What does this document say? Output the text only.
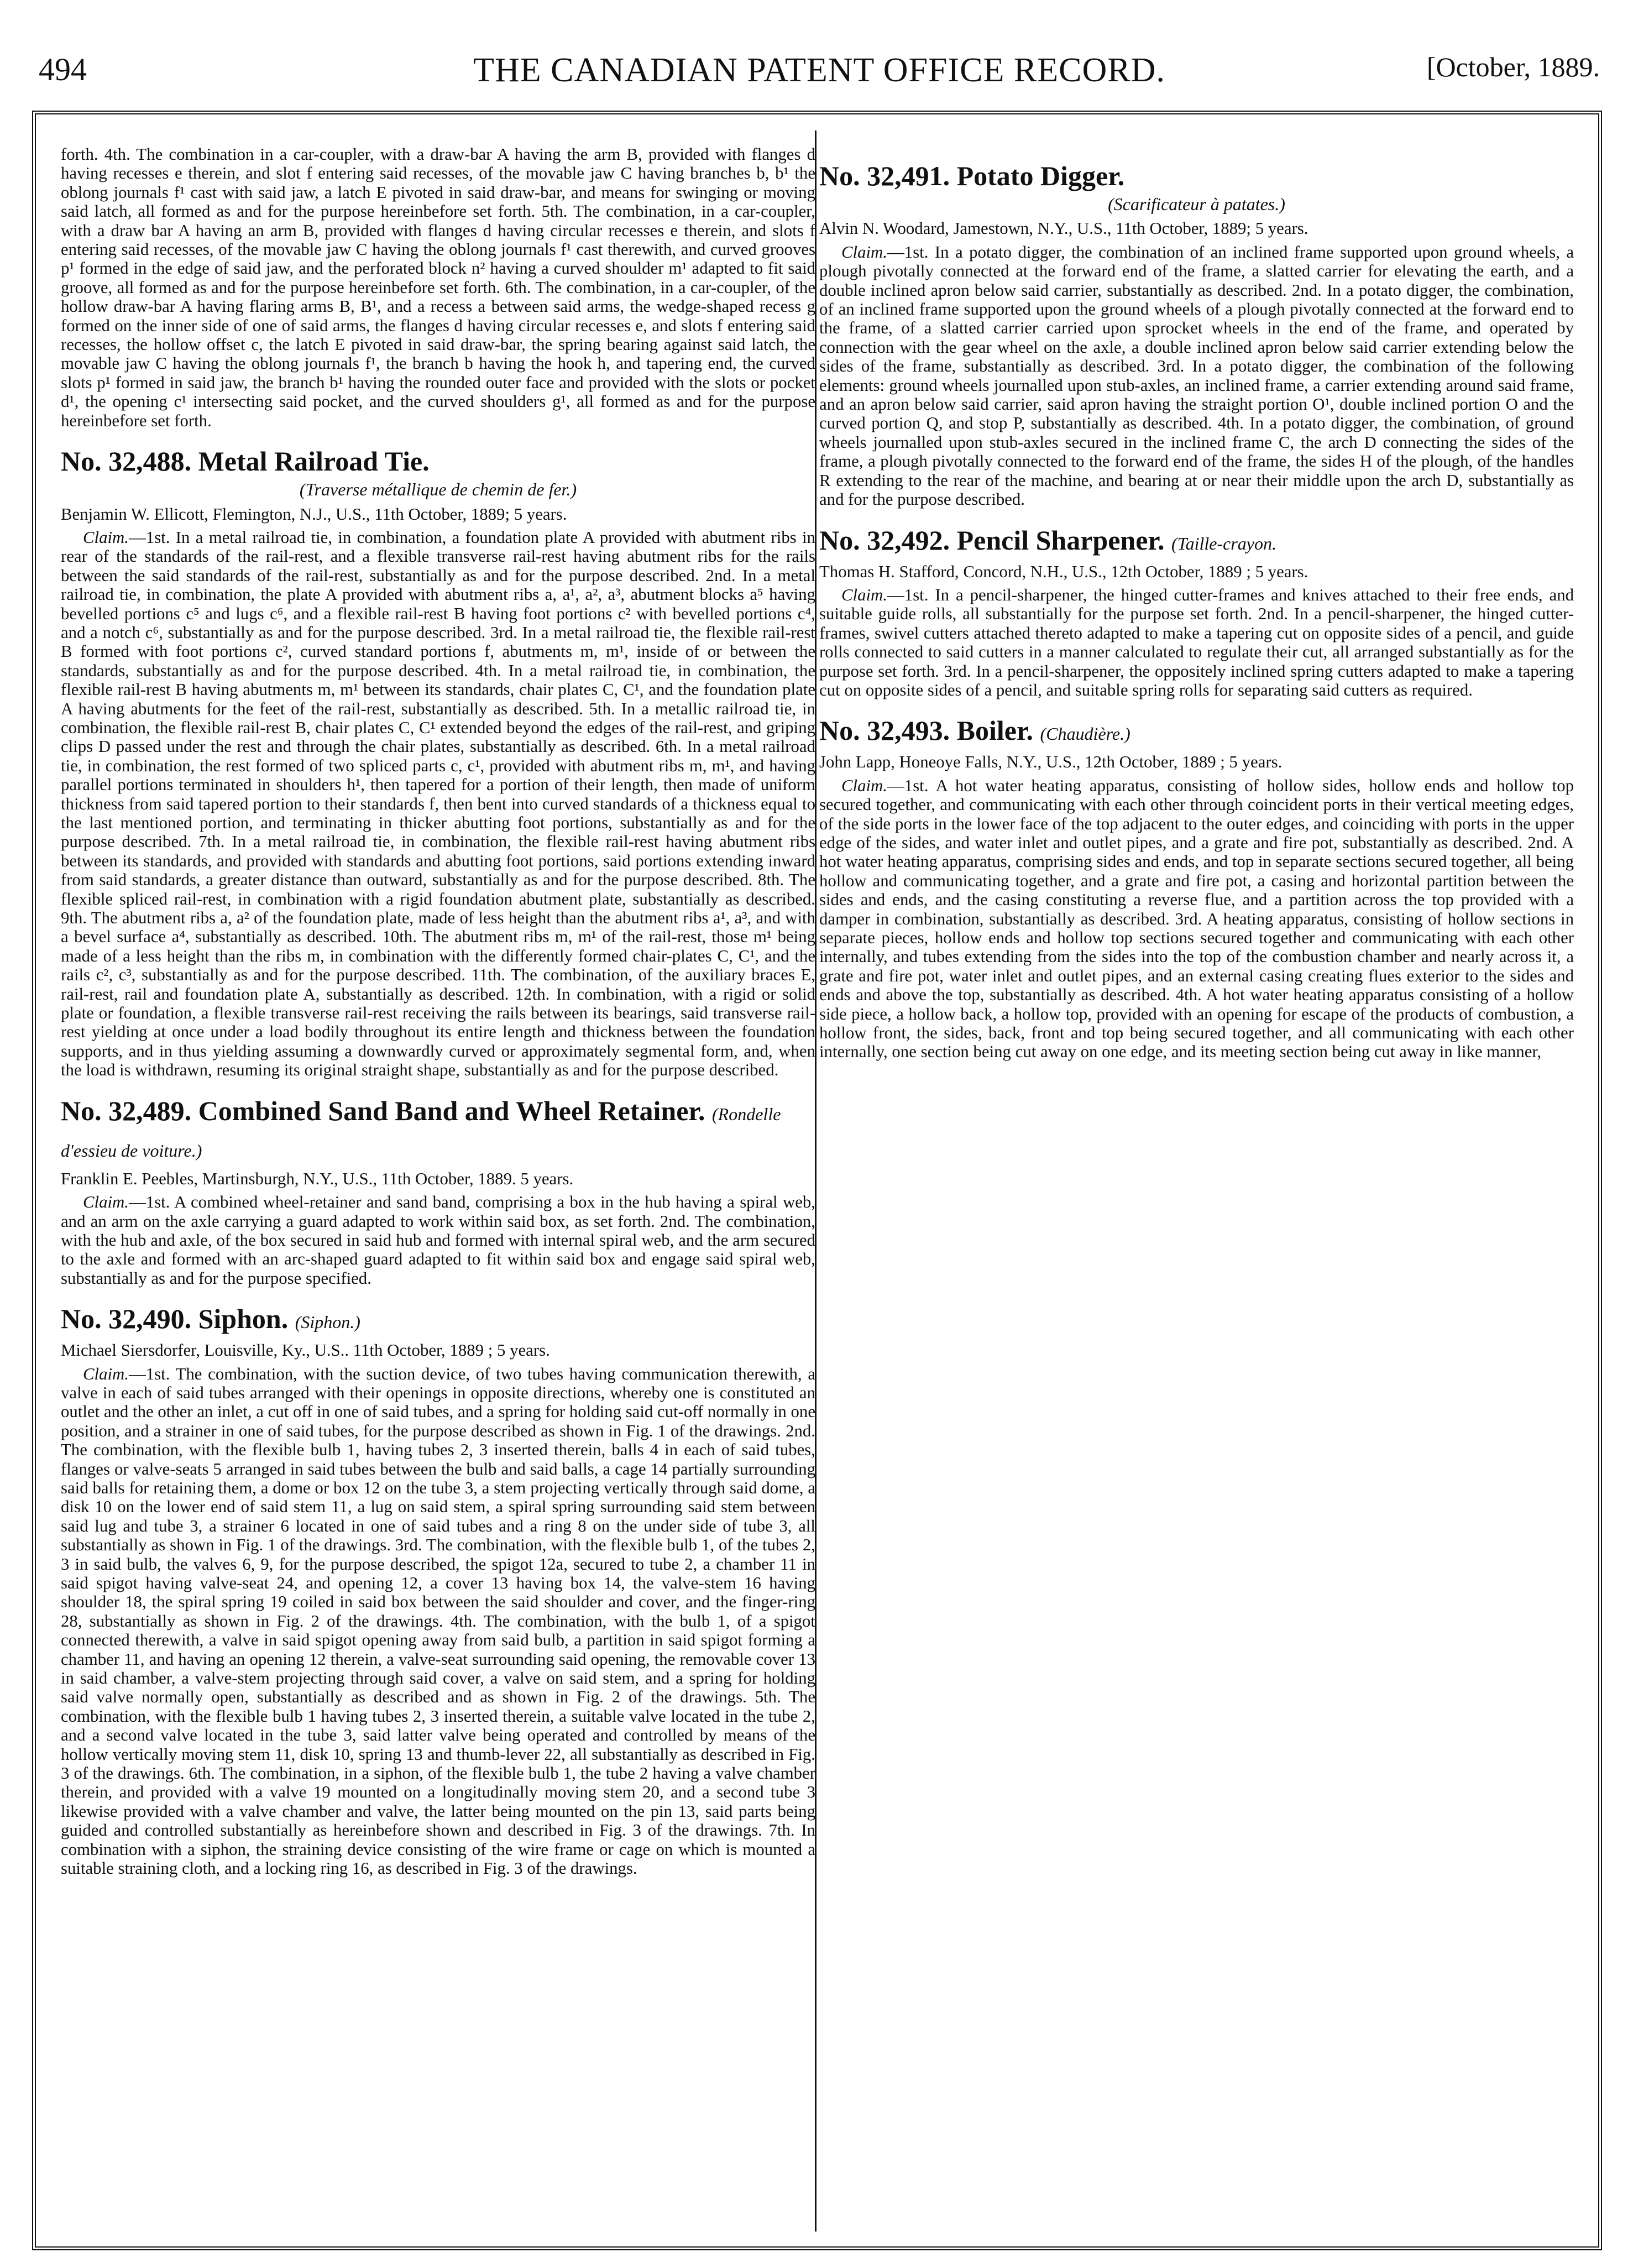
494	THE CANADIAN PATENT OFFICE RECORD.	[October, 1889.

forth. 4th. The combination in a car-coupler, with a draw-bar A having the arm B, provided with flanges d having recesses e therein, and slot f entering said recesses, of the movable jaw C having branches b, b¹ the oblong journals f¹ cast with said jaw, a latch E pivoted in said draw-bar, and means for swinging or moving said latch, all formed as and for the purpose hereinbefore set forth. 5th. The combination, in a car-coupler, with a draw bar A having an arm B, provided with flanges d having circular recesses e therein, and slots f entering said recesses, of the movable jaw C having the oblong journals f¹ cast therewith, and curved grooves p¹ formed in the edge of said jaw, and the perforated block n² having a curved shoulder m¹ adapted to fit said groove, all formed as and for the purpose hereinbefore set forth. 6th. The combination, in a car-coupler, of the hollow draw-bar A having flaring arms B, B¹, and a recess a between said arms, the wedge-shaped recess g formed on the inner side of one of said arms, the flanges d having circular recesses e, and slots f entering said recesses, the hollow offset c, the latch E pivoted in said draw-bar, the spring bearing against said latch, the movable jaw C having the oblong journals f¹, the branch b having the hook h, and tapering end, the curved slots p¹ formed in said jaw, the branch b¹ having the rounded outer face and provided with the slots or pocket d¹, the opening c¹ intersecting said pocket, and the curved shoulders g¹, all formed as and for the purpose hereinbefore set forth.

No. 32,488. Metal Railroad Tie.
(Traverse métallique de chemin de fer.)
Benjamin W. Ellicott, Flemington, N.J., U.S., 11th October, 1889; 5 years.

Claim.—1st. In a metal railroad tie, in combination, a foundation plate A provided with abutment ribs in rear of the standards of the rail-rest, and a flexible transverse rail-rest having abutment ribs for the rails between the said standards of the rail-rest, substantially as and for the purpose described. 2nd. In a metal railroad tie, in combination, the plate A provided with abutment ribs a, a¹, a², a³, abutment blocks a⁵ having bevelled portions c⁵ and lugs c⁶, and a flexible rail-rest B having foot portions c² with bevelled portions c⁴, and a notch c⁶, substantially as and for the purpose described. 3rd. In a metal railroad tie, the flexible rail-rest B formed with foot portions c², curved standard portions f, abutments m, m¹, inside of or between the standards, substantially as and for the purpose described. 4th. In a metal railroad tie, in combination, the flexible rail-rest B having abutments m, m¹ between its standards, chair plates C, C¹, and the foundation plate A having abutments for the feet of the rail-rest, substantially as described. 5th. In a metallic railroad tie, in combination, the flexible rail-rest B, chair plates C, C¹ extended beyond the edges of the rail-rest, and griping clips D passed under the rest and through the chair plates, substantially as described. 6th. In a metal railroad tie, in combination, the rest formed of two spliced parts c, c¹, provided with abutment ribs m, m¹, and having parallel portions terminated in shoulders h¹, then tapered for a portion of their length, then made of uniform thickness from said tapered portion to their standards f, then bent into curved standards of a thickness equal to the last mentioned portion, and terminating in thicker abutting foot portions, substantially as and for the purpose described. 7th. In a metal railroad tie, in combination, the flexible rail-rest having abutment ribs between its standards, and provided with standards and abutting foot portions, said portions extending inward from said standards, a greater distance than outward, substantially as and for the purpose described. 8th. The flexible spliced rail-rest, in combination with a rigid foundation abutment plate, substantially as described. 9th. The abutment ribs a, a² of the foundation plate, made of less height than the abutment ribs a¹, a³, and with a bevel surface a⁴, substantially as described. 10th. The abutment ribs m, m¹ of the rail-rest, those m¹ being made of a less height than the ribs m, in combination with the differently formed chair-plates C, C¹, and the rails c², c³, substantially as and for the purpose described. 11th. The combination, of the auxiliary braces E, rail-rest, rail and foundation plate A, substantially as described. 12th. In combination, with a rigid or solid plate or foundation, a flexible transverse rail-rest receiving the rails between its bearings, said transverse rail-rest yielding at once under a load bodily throughout its entire length and thickness between the foundation supports, and in thus yielding assuming a downwardly curved or approximately segmental form, and, when the load is withdrawn, resuming its original straight shape, substantially as and for the purpose described.

No. 32,489. Combined Sand Band and Wheel Retainer. (Rondelle d'essieu de voiture.)
Franklin E. Peebles, Martinsburgh, N.Y., U.S., 11th October, 1889. 5 years.

Claim.—1st. A combined wheel-retainer and sand band, comprising a box in the hub having a spiral web, and an arm on the axle carrying a guard adapted to work within said box, as set forth. 2nd. The combination, with the hub and axle, of the box secured in said hub and formed with internal spiral web, and the arm secured to the axle and formed with an arc-shaped guard adapted to fit within said box and engage said spiral web, substantially as and for the purpose specified.

No. 32,490. Siphon. (Siphon.)
Michael Siersdorfer, Louisville, Ky., U.S.. 11th October, 1889 ; 5 years.

Claim.—1st. The combination, with the suction device, of two tubes having communication therewith, a valve in each of said tubes arranged with their openings in opposite directions, whereby one is constituted an outlet and the other an inlet, a cut off in one of said tubes, and a spring for holding said cut-off normally in one position, and a strainer in one of said tubes, for the purpose described as shown in Fig. 1 of the drawings. 2nd. The combination, with the flexible bulb 1, having tubes 2, 3 inserted therein, balls 4 in each of said tubes, flanges or valve-seats 5 arranged in said tubes between the bulb and said balls, a cage 14 partially surrounding said balls for retaining them, a dome or box 12 on the tube 3, a stem projecting vertically through said dome, a disk 10 on the lower end of said stem 11, a lug on said stem, a spiral spring surrounding said stem between said lug and tube 3, a strainer 6 located in one of said tubes and a ring 8 on the under side of tube 3, all substantially as shown in Fig. 1 of the drawings. 3rd. The combination, with the flexible bulb 1, of the tubes 2, 3 in said bulb, the valves 6, 9, for the purpose described, the spigot 12a, secured to tube 2, a chamber 11 in said spigot having valve-seat 24, and opening 12, a cover 13 having box 14, the valve-stem 16 having shoulder 18, the spiral spring 19 coiled in said box between the said shoulder and cover, and the finger-ring 28, substantially as shown in Fig. 2 of the drawings. 4th. The combination, with the bulb 1, of a spigot connected therewith, a valve in said spigot opening away from said bulb, a partition in said spigot forming a chamber 11, and having an opening 12 therein, a valve-seat surrounding said opening, the removable cover 13 in said chamber, a valve-stem projecting through said cover, a valve on said stem, and a spring for holding said valve normally open, substantially as described and as shown in Fig. 2 of the drawings. 5th. The combination, with the flexible bulb 1 having tubes 2, 3 inserted therein, a suitable valve located in the tube 2, and a second valve located in the tube 3, said latter valve being operated and controlled by means of the hollow vertically moving stem 11, disk 10, spring 13 and thumb-lever 22, all substantially as described in Fig. 3 of the drawings. 6th. The combination, in a siphon, of the flexible bulb 1, the tube 2 having a valve chamber therein, and provided with a valve 19 mounted on a longitudinally moving stem 20, and a second tube 3 likewise provided with a valve chamber and valve, the latter being mounted on the pin 13, said parts being guided and controlled substantially as hereinbefore shown and described in Fig. 3 of the drawings. 7th. In combination with a siphon, the straining device consisting of the wire frame or cage on which is mounted a suitable straining cloth, and a locking ring 16, as described in Fig. 3 of the drawings.

No. 32,491. Potato Digger.
(Scarificateur à patates.)
Alvin N. Woodard, Jamestown, N.Y., U.S., 11th October, 1889; 5 years.

Claim.—1st. In a potato digger, the combination of an inclined frame supported upon ground wheels, a plough pivotally connected at the forward end of the frame, a slatted carrier for elevating the earth, and a double inclined apron below said carrier, substantially as described. 2nd. In a potato digger, the combination, of an inclined frame supported upon the ground wheels of a plough pivotally connected at the forward end to the frame, of a slatted carrier carried upon sprocket wheels in the end of the frame, and operated by connection with the gear wheel on the axle, a double inclined apron below said carrier extending below the sides of the frame, substantially as described. 3rd. In a potato digger, the combination of the following elements: ground wheels journalled upon stub-axles, an inclined frame, a carrier extending around said frame, and an apron below said carrier, said apron having the straight portion O¹, double inclined portion O and the curved portion Q, and stop P, substantially as described. 4th. In a potato digger, the combination, of ground wheels journalled upon stub-axles secured in the inclined frame C, the arch D connecting the sides of the frame, a plough pivotally connected to the forward end of the frame, the sides H of the plough, of the handles R extending to the rear of the machine, and bearing at or near their middle upon the arch D, substantially as and for the purpose described.

No. 32,492. Pencil Sharpener. (Taille-crayon.
Thomas H. Stafford, Concord, N.H., U.S., 12th October, 1889 ; 5 years.

Claim.—1st. In a pencil-sharpener, the hinged cutter-frames and knives attached to their free ends, and suitable guide rolls, all substantially for the purpose set forth. 2nd. In a pencil-sharpener, the hinged cutter-frames, swivel cutters attached thereto adapted to make a tapering cut on opposite sides of a pencil, and guide rolls connected to said cutters in a manner calculated to regulate their cut, all arranged substantially as for the purpose set forth. 3rd. In a pencil-sharpener, the oppositely inclined spring cutters adapted to make a tapering cut on opposite sides of a pencil, and suitable spring rolls for separating said cutters as required.

No. 32,493. Boiler. (Chaudière.)
John Lapp, Honeoye Falls, N.Y., U.S., 12th October, 1889 ; 5 years.

Claim.—1st. A hot water heating apparatus, consisting of hollow sides, hollow ends and hollow top secured together, and communicating with each other through coincident ports in their vertical meeting edges, of the side ports in the lower face of the top adjacent to the outer edges, and coinciding with ports in the upper edge of the sides, and water inlet and outlet pipes, and a grate and fire pot, substantially as described. 2nd. A hot water heating apparatus, comprising sides and ends, and top in separate sections secured together, all being hollow and communicating together, and a grate and fire pot, a casing and horizontal partition between the sides and ends, and the casing constituting a reverse flue, and a partition across the top provided with a damper in combination, substantially as described. 3rd. A heating apparatus, consisting of hollow sections in separate pieces, hollow ends and hollow top sections secured together and communicating with each other internally, and tubes extending from the sides into the top of the combustion chamber and nearly across it, a grate and fire pot, water inlet and outlet pipes, and an external casing creating flues exterior to the sides and ends and above the top, substantially as described. 4th. A hot water heating apparatus consisting of a hollow side piece, a hollow back, a hollow top, provided with an opening for escape of the products of combustion, a hollow front, the sides, back, front and top being secured together, and all communicating with each other internally, one section being cut away on one edge, and its meeting section being cut away in like manner,
